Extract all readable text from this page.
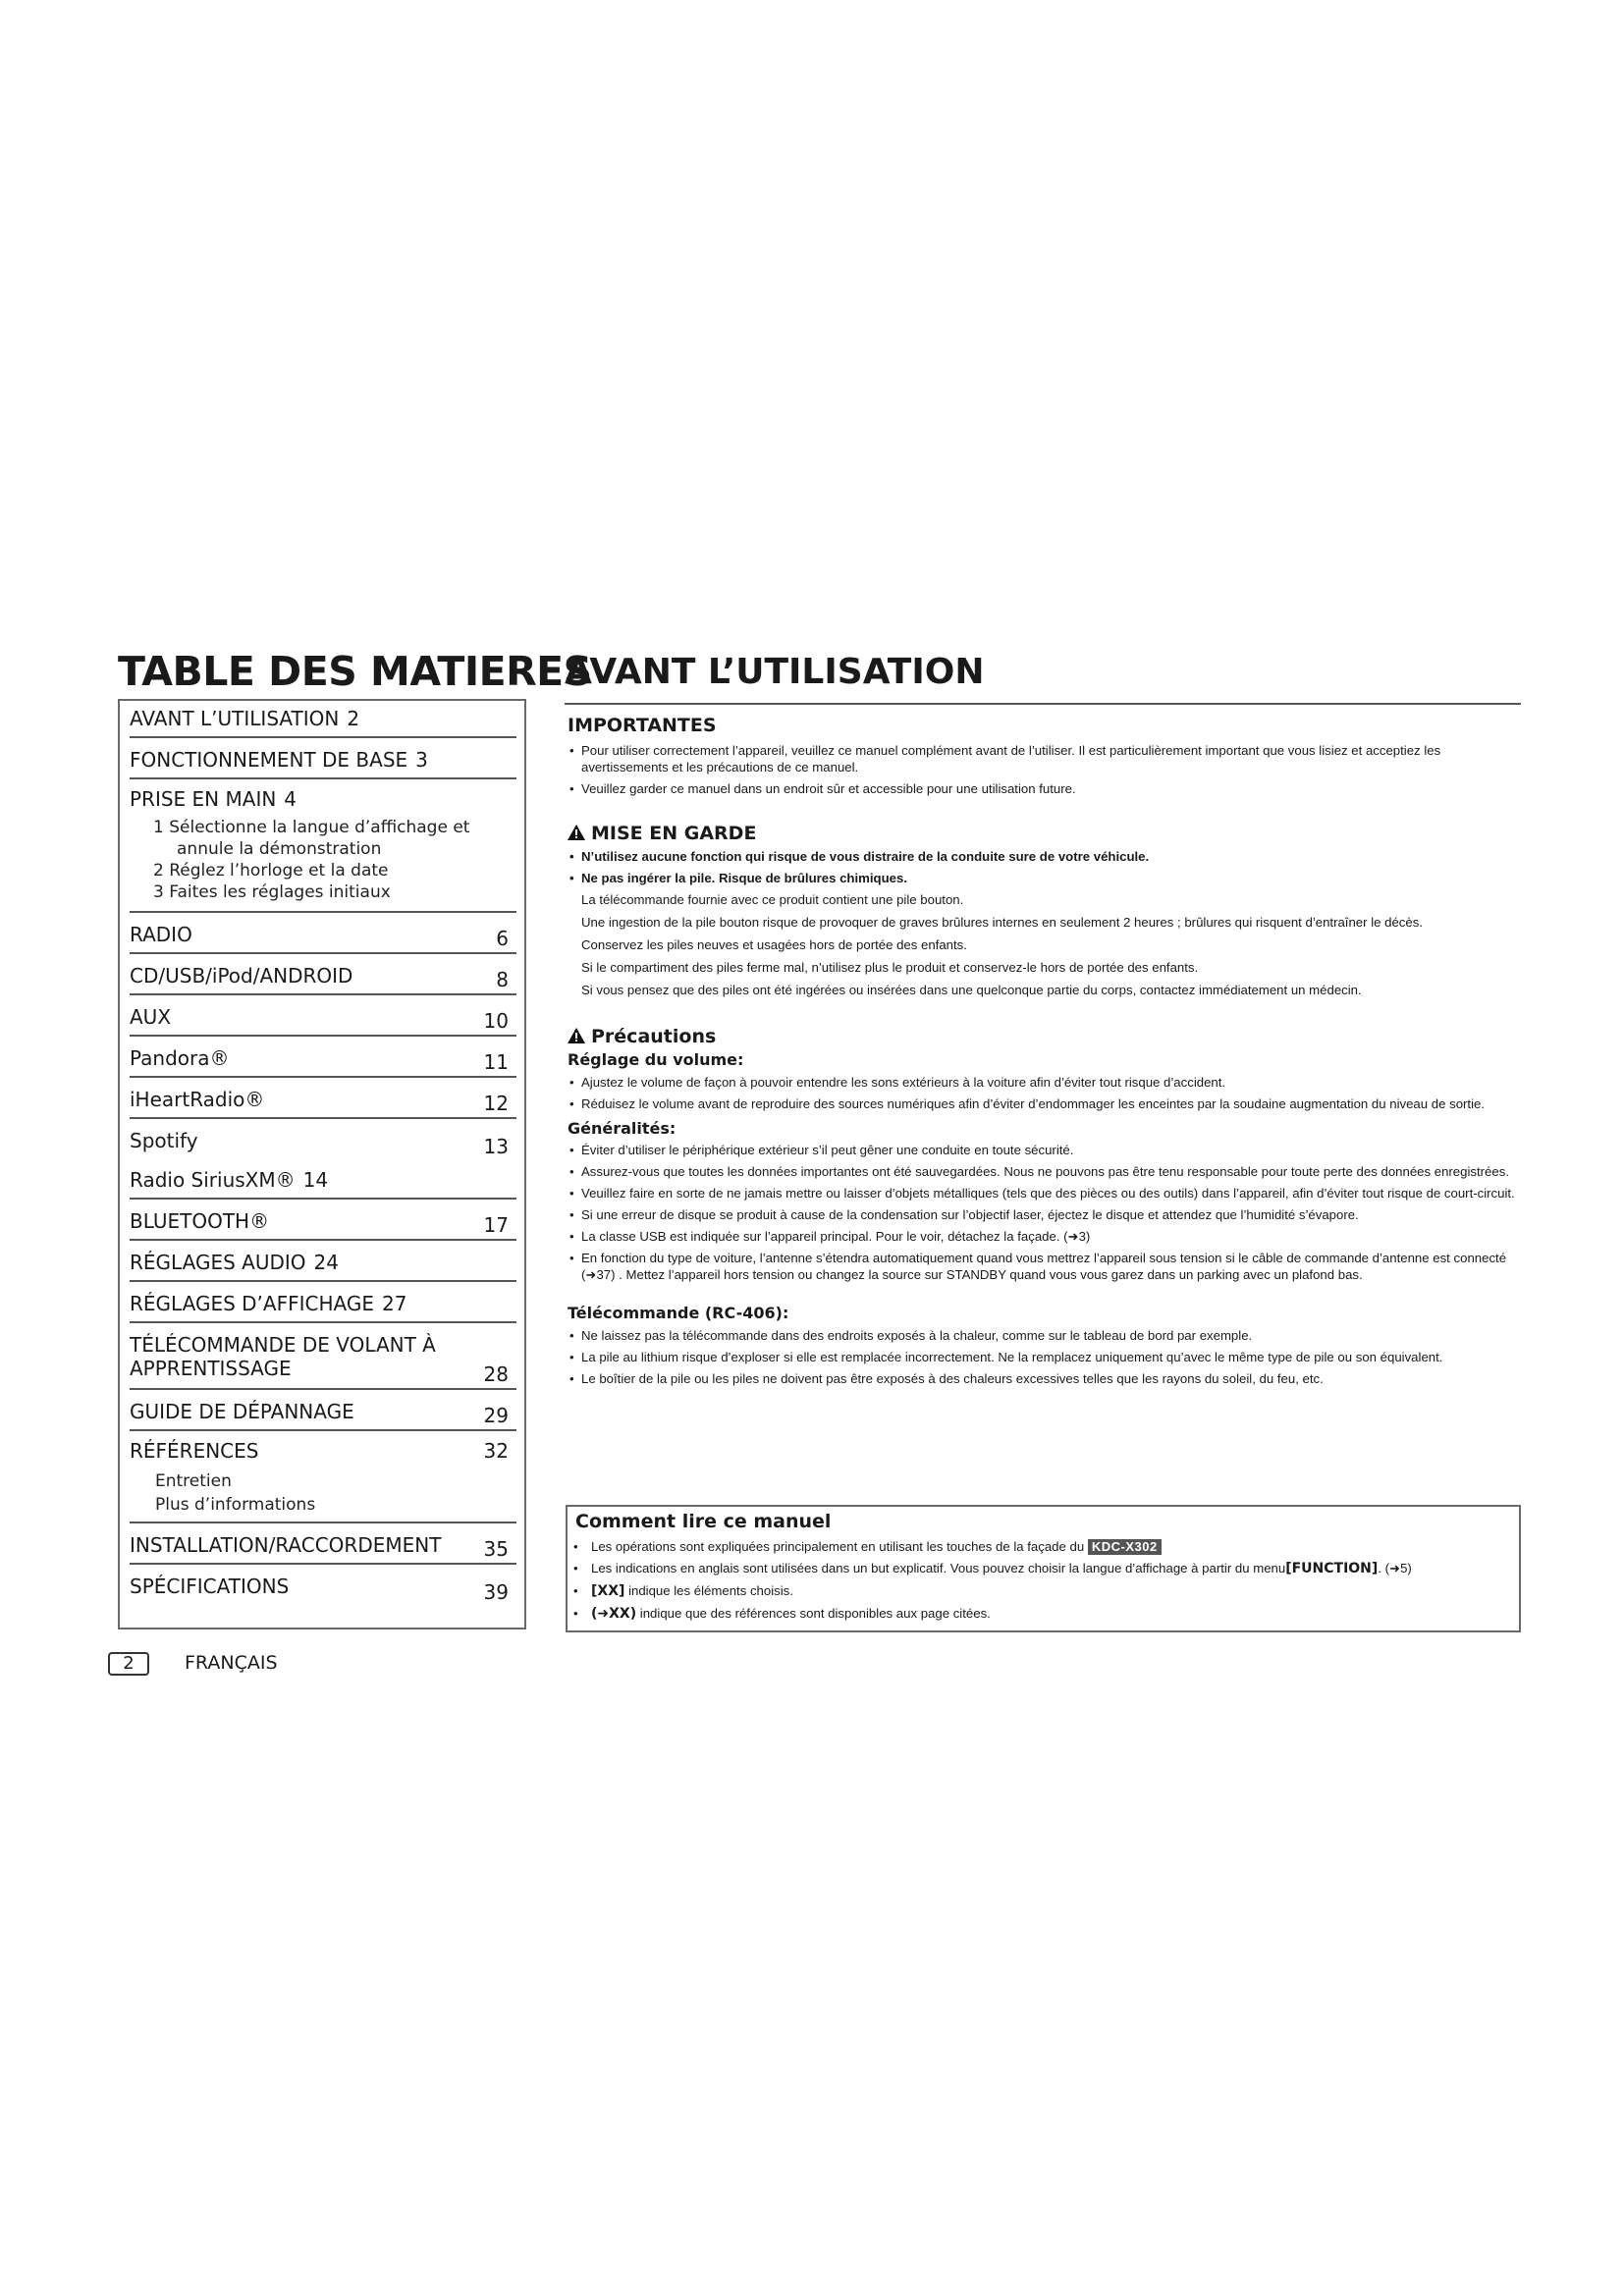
TABLE DES MATIERES
AVANT L’UTILISATION 2
FONCTIONNEMENT DE BASE 3
PRISE EN MAIN 4
1 Sélectionne la langue d’affichage et
annule la démonstration
2 Réglez l’horloge et la date
3 Faites les réglages initiaux
RADIO	6
CD/USB/iPod/ANDROID	8
AUX	10
Pandora®	11
iHeartRadio®	12
Spotify	13
Radio SiriusXM® 14
BLUETOOTH®	17
RÉGLAGES AUDIO 24
RÉGLAGES D’AFFICHAGE 27
TÉLÉCOMMANDE DE VOLANT À
APPRENTISSAGE	28
GUIDE DE DÉPANNAGE	29
RÉFÉRENCES	32
Entretien
Plus d’informations
INSTALLATION/RACCORDEMENT 35
SPÉCIFICATIONS	39
AVANT L’UTILISATION
IMPORTANTES
• Pour utiliser correctement l’appareil, veuillez ce manuel complément avant de l’utiliser. Il est particulièrement important que vous lisiez et acceptiez les avertissements et les précautions de ce manuel.
• Veuillez garder ce manuel dans un endroit sûr et accessible pour une utilisation future.
MISE EN GARDE
• N’utilisez aucune fonction qui risque de vous distraire de la conduite sure de votre véhicule.
• Ne pas ingérer la pile. Risque de brûlures chimiques.
La télécommande fournie avec ce produit contient une pile bouton.
Une ingestion de la pile bouton risque de provoquer de graves brûlures internes en seulement 2 heures ; brûlures qui risquent d’entraîner le décès.
Conservez les piles neuves et usagées hors de portée des enfants.
Si le compartiment des piles ferme mal, n’utilisez plus le produit et conservez-le hors de portée des enfants.
Si vous pensez que des piles ont été ingérées ou insérées dans une quelconque partie du corps, contactez immédiatement un médecin.
Précautions
Réglage du volume:
• Ajustez le volume de façon à pouvoir entendre les sons extérieurs à la voiture afin d’éviter tout risque d’accident.
• Réduisez le volume avant de reproduire des sources numériques afin d’éviter d’endommager les enceintes par la soudaine augmentation du niveau de sortie.
Généralités:
• Éviter d’utiliser le périphérique extérieur s’il peut gêner une conduite en toute sécurité.
• Assurez-vous que toutes les données importantes ont été sauvegardées. Nous ne pouvons pas être tenu responsable pour toute perte des données enregistrées.
• Veuillez faire en sorte de ne jamais mettre ou laisser d’objets métalliques (tels que des pièces ou des outils) dans l’appareil, afin d’éviter tout risque de court-circuit.
• Si une erreur de disque se produit à cause de la condensation sur l’objectif laser, éjectez le disque et attendez que l’humidité s’évapore.
• La classe USB est indiquée sur l’appareil principal. Pour le voir, détachez la façade. (➜3)
• En fonction du type de voiture, l’antenne s’étendra automatiquement quand vous mettrez l’appareil sous tension si le câble de commande d’antenne est connecté (➜37) . Mettez l’appareil hors tension ou changez la source sur STANDBY quand vous vous garez dans un parking avec un plafond bas.
Télécommande (RC-406):
• Ne laissez pas la télécommande dans des endroits exposés à la chaleur, comme sur le tableau de bord par exemple.
• La pile au lithium risque d’exploser si elle est remplacée incorrectement. Ne la remplacez uniquement qu’avec le même type de pile ou son équivalent.
• Le boîtier de la pile ou les piles ne doivent pas être exposés à des chaleurs excessives telles que les rayons du soleil, du feu, etc.
Comment lire ce manuel
• Les opérations sont expliquées principalement en utilisant les touches de la façade du KDC-X302
• Les indications en anglais sont utilisées dans un but explicatif. Vous pouvez choisir la langue d’affichage à partir du menu[FUNCTION]. (➜5)
• [XX] indique les éléments choisis.
• (➜XX) indique que des références sont disponibles aux page citées.
2	FRANÇAIS
